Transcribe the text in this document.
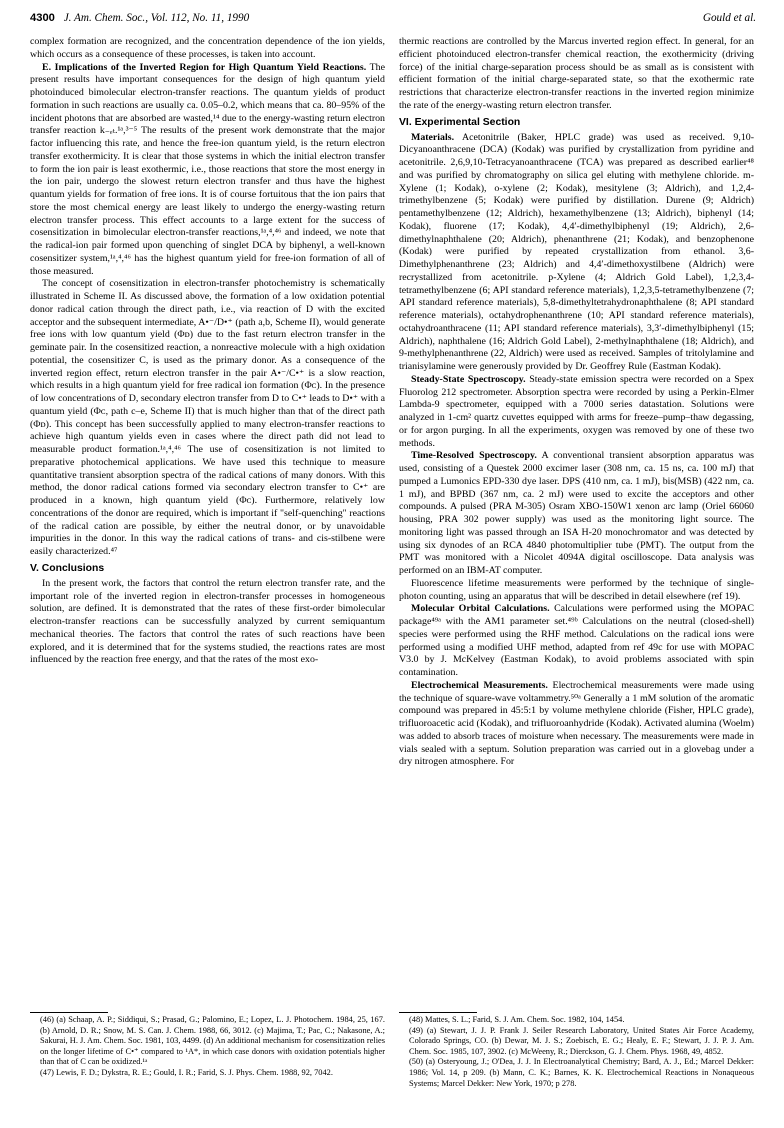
4300 J. Am. Chem. Soc., Vol. 112, No. 11, 1990	Gould et al.

complex formation are recognized, and the concentration dependence of the ion yields, which occurs as a consequence of these processes, is taken into account.

E. Implications of the Inverted Region for High Quantum Yield Reactions. The present results have important consequences for the design of high quantum yield photoinduced bimolecular electron-transfer reactions. The quantum yields of product formation in such reactions are usually ca. 0.05–0.2, which means that ca. 80–95% of the incident photons that are absorbed are wasted,¹⁴ due to the energy-wasting return electron transfer reaction k₋ₑₜ.¹ᵃ,³⁻⁵ The results of the present work demonstrate that the major factor influencing this rate, and hence the free-ion quantum yield, is the return electron transfer exothermicity. It is clear that those systems in which the initial electron transfer to form the ion pair is least exothermic, i.e., those reactions that store the most energy in the ion pair, undergo the slowest return electron transfer and thus have the highest quantum yields for formation of free ions. It is of course fortuitous that the ion pairs that store the most chemical energy are least likely to undergo the energy-wasting return electron transfer process. This effect accounts to a large extent for the success of cosensitization in bimolecular electron-transfer reactions,¹ᵃ,⁴,⁴⁶ and indeed, we note that the radical-ion pair formed upon quenching of singlet DCA by biphenyl, a well-known cosensitizer system,¹ᵃ,⁴,⁴⁶ has the highest quantum yield for free-ion formation of all of those measured.

The concept of cosensitization in electron-transfer photochemistry is schematically illustrated in Scheme II. As discussed above, the formation of a low oxidation potential donor radical cation through the direct path, i.e., via reaction of D with the excited acceptor and the subsequent intermediate, A•⁻/D•⁺ (path a,b, Scheme II), would generate free ions with low quantum yield (Φᴅ) due to the fast return electron transfer in the geminate pair. In the cosensitized reaction, a nonreactive molecule with a high oxidation potential, the cosensitizer C, is used as the primary donor. As a consequence of the inverted region effect, return electron transfer in the pair A•⁻/C•⁺ is a slow reaction, which results in a high quantum yield for free radical ion formation (Φᴄ). In the presence of low concentrations of D, secondary electron transfer from D to C•⁺ leads to D•⁺ with a quantum yield (Φᴄ, path c–e, Scheme II) that is much higher than that of the direct path (Φᴅ). This concept has been successfully applied to many electron-transfer reactions to achieve high quantum yields even in cases where the direct path did not lead to measurable product formation.¹ᵃ,⁴,⁴⁶ The use of cosensitization is not limited to preparative photochemical applications. We have used this technique to measure quantitative transient absorption spectra of the radical cations of many donors. With this method, the donor radical cations formed via secondary electron transfer to C•⁺ are produced in a known, high quantum yield (Φᴄ). Furthermore, relatively low concentrations of the donor are required, which is important if "self-quenching" reactions of the radical cation are possible, by either the neutral donor, or by unavoidable impurities in the donor. In this way the radical cations of trans- and cis-stilbene were easily characterized.⁴⁷

V. Conclusions

In the present work, the factors that control the return electron transfer rate, and the important role of the inverted region in electron-transfer processes in homogeneous solution, are defined. It is demonstrated that the rates of these first-order bimolecular electron-transfer reactions can be successfully analyzed by current semiquantum mechanical theories. The factors that control the rates of such reactions have been explored, and it is determined that for the systems studied, the reactions rates are most influenced by the reaction free energy, and that the rates of the most exo-

thermic reactions are controlled by the Marcus inverted region effect. In general, for an efficient photoinduced electron-transfer chemical reaction, the exothermicity (driving force) of the initial charge-separation process should be as small as is consistent with efficient formation of the initial charge-separated state, so that the exothermic rate restrictions that characterize electron-transfer reactions in the inverted region minimize the rate of the energy-wasting return electron transfer.

VI. Experimental Section

Materials. Acetonitrile (Baker, HPLC grade) was used as received. 9,10-Dicyanoanthracene (DCA) (Kodak) was purified by crystallization from pyridine and acetonitrile. 2,6,9,10-Tetracyanoanthracene (TCA) was prepared as described earlier⁴⁸ and was purified by chromatography on silica gel eluting with methylene chloride. m-Xylene (1; Kodak), o-xylene (2; Kodak), mesitylene (3; Aldrich), and 1,2,4-trimethylbenzene (5; Kodak) were purified by distillation. Durene (9; Aldrich) pentamethylbenzene (12; Aldrich), hexamethylbenzene (13; Aldrich), biphenyl (14; Kodak), fluorene (17; Kodak), 4,4′-dimethylbiphenyl (19; Aldrich), 2,6-dimethylnaphthalene (20; Aldrich), phenanthrene (21; Kodak), and benzophenone (Kodak) were purified by repeated crystallization from ethanol. 3,6-Dimethylphenanthrene (23; Aldrich) and 4,4′-dimethoxystilbene (Aldrich) were recrystallized from acetonitrile. p-Xylene (4; Aldrich Gold Label), 1,2,3,4-tetramethylbenzene (6; API standard reference materials), 1,2,3,5-tetramethylbenzene (7; API standard reference materials), 5,8-dimethyltetrahydronaphthalene (8; API standard reference materials), octahydrophenanthrene (10; API standard reference materials), octahydroanthracene (11; API standard reference materials), 3,3′-dimethylbiphenyl (15; Aldrich), naphthalene (16; Aldrich Gold Label), 2-methylnaphthalene (18; Aldrich), and 9-methylphenanthrene (22, Aldrich) were used as received. Samples of tritolylamine and trianisylamine were generously provided by Dr. Geoffrey Rule (Eastman Kodak).

Steady-State Spectroscopy. Steady-state emission spectra were recorded on a Spex Fluorolog 212 spectrometer. Absorption spectra were recorded by using a Perkin-Elmer Lambda-9 spectrometer, equipped with a 7000 series datastation. Solutions were analyzed in 1-cm² quartz cuvettes equipped with arms for freeze–pump–thaw degassing, or for argon purging. In all the experiments, oxygen was removed by one of these two methods.

Time-Resolved Spectroscopy. A conventional transient absorption apparatus was used, consisting of a Questek 2000 excimer laser (308 nm, ca. 15 ns, ca. 100 mJ) that pumped a Lumonics EPD-330 dye laser. DPS (410 nm, ca. 1 mJ), bis(MSB) (422 nm, ca. 1 mJ), and BPBD (367 nm, ca. 2 mJ) were used to excite the acceptors and other compounds. A pulsed (PRA M-305) Osram XBO-150W1 xenon arc lamp (Oriel 66060 housing, PRA 302 power supply) was used as the monitoring light source. The monitoring light was passed through an ISA H-20 monochromator and was detected by using six dynodes of an RCA 4840 photomultiplier tube (PMT). The output from the PMT was monitored with a Nicolet 4094A digital oscilloscope. Data analysis was performed on an IBM-AT computer.

Fluorescence lifetime measurements were performed by the technique of single-photon counting, using an apparatus that will be described in detail elsewhere (ref 19).

Molecular Orbital Calculations. Calculations were performed using the MOPAC package⁴⁹ᵃ with the AM1 parameter set.⁴⁹ᵇ Calculations on the neutral (closed-shell) species were performed using the RHF method. Calculations on the radical ions were performed using a modified UHF method, adapted from ref 49c for use with MOPAC V3.0 by J. McKelvey (Eastman Kodak), to avoid problems associated with spin contamination.

Electrochemical Measurements. Electrochemical measurements were made using the technique of square-wave voltammetry.⁵⁰ᵃ Generally a 1 mM solution of the aromatic compound was prepared in 45:5:1 by volume methylene chloride (Fisher, HPLC grade), trifluoroacetic acid (Kodak), and trifluoroanhydride (Kodak). Activated alumina (Woelm) was added to absorb traces of moisture when necessary. The measurements were made in vials sealed with a septum. Solution preparation was carried out in a glovebag under a dry nitrogen atmosphere. For

(46) (a) Schaap, A. P.; Siddiqui, S.; Prasad, G.; Palomino, E.; Lopez, L. J. Photochem. 1984, 25, 167. (b) Arnold, D. R.; Snow, M. S. Can. J. Chem. 1988, 66, 3012. (c) Majima, T.; Pac, C.; Nakasone, A.; Sakurai, H. J. Am. Chem. Soc. 1981, 103, 4499. (d) An additional mechanism for cosensitization relies on the longer lifetime of C•⁺ compared to ¹A*, in which case donors with oxidation potentials higher than that of C can be oxidized.¹ᵃ

(47) Lewis, F. D.; Dykstra, R. E.; Gould, I. R.; Farid, S. J. Phys. Chem. 1988, 92, 7042.

(48) Mattes, S. L.; Farid, S. J. Am. Chem. Soc. 1982, 104, 1454.

(49) (a) Stewart, J. J. P. Frank J. Seiler Research Laboratory, United States Air Force Academy, Colorado Springs, CO. (b) Dewar, M. J. S.; Zoebisch, E. G.; Healy, E. F.; Stewart, J. J. P. J. Am. Chem. Soc. 1985, 107, 3902. (c) McWeeny, R.; Dierckson, G. J. Chem. Phys. 1968, 49, 4852.

(50) (a) Osteryoung, J.; O'Dea, J. J. In Electroanalytical Chemistry; Bard, A. J., Ed.; Marcel Dekker: 1986; Vol. 14, p 209. (b) Mann, C. K.; Barnes, K. K. Electrochemical Reactions in Nonaqueous Systems; Marcel Dekker: New York, 1970; p 278.
